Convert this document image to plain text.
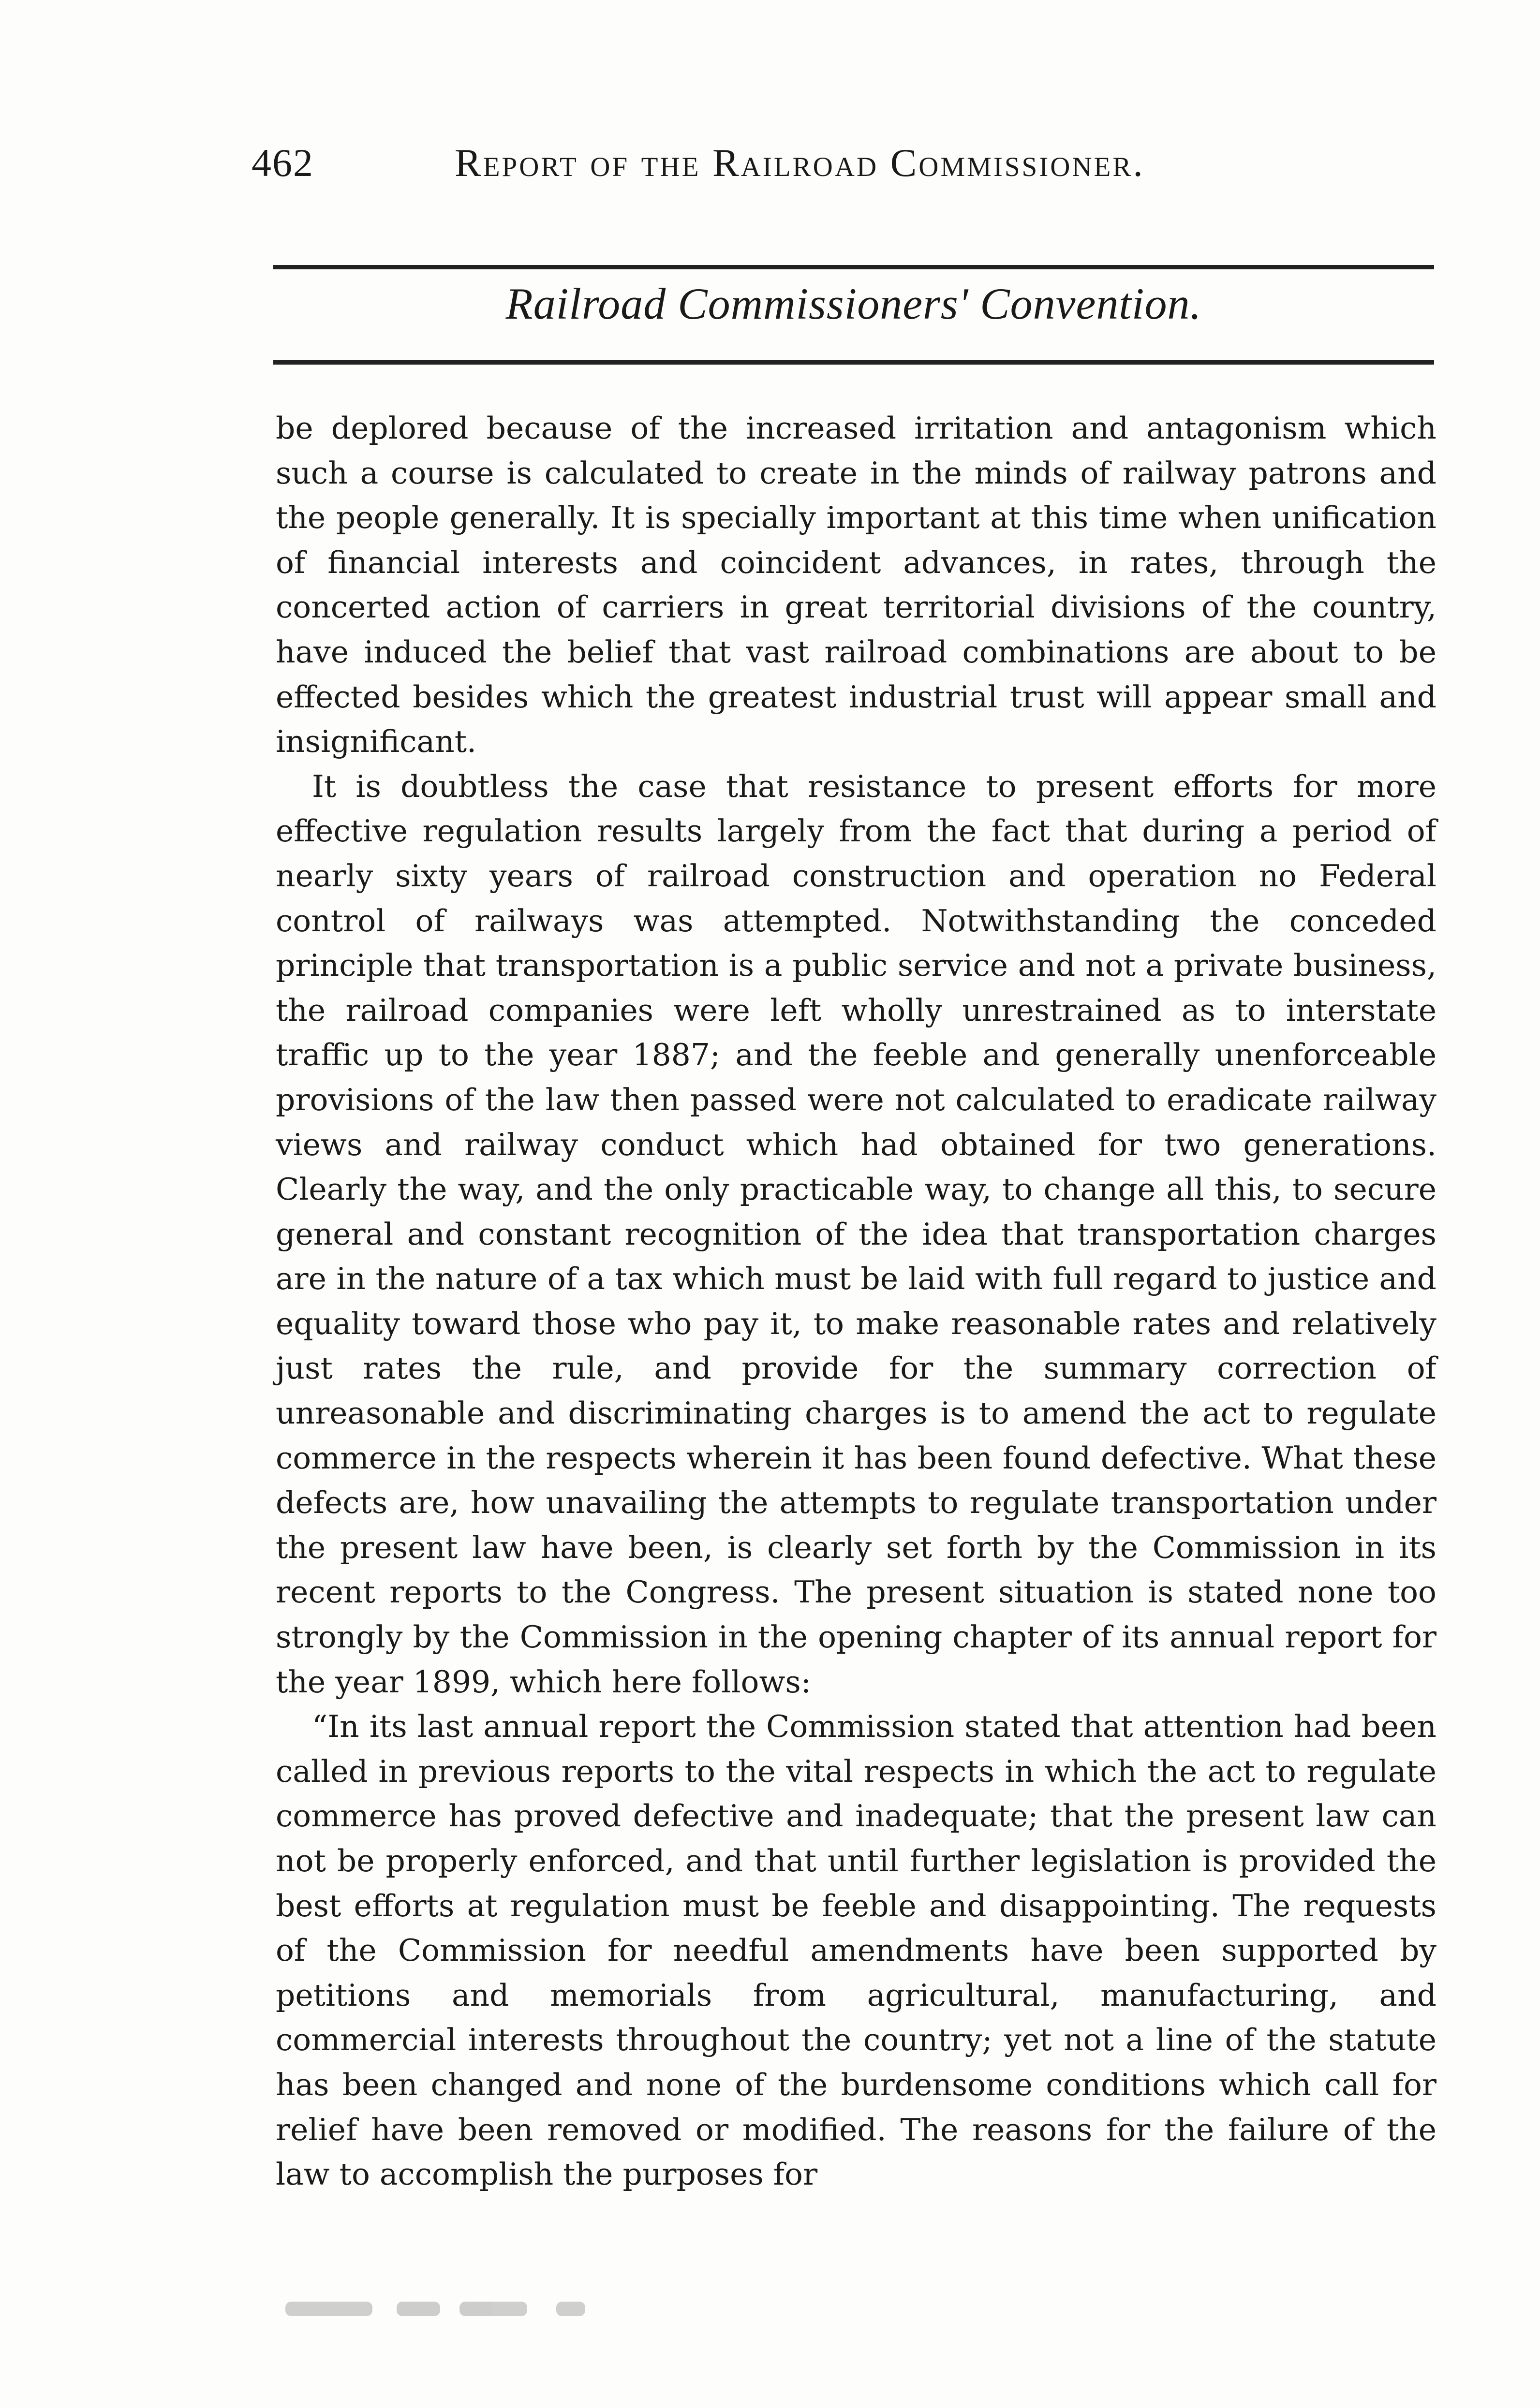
462	Report of the Railroad Commissioner.
Railroad Commissioners' Convention.

be deplored because of the increased irritation and antagonism which such a course is calculated to create in the minds of railway patrons and the people generally. It is specially important at this time when unification of financial interests and coincident advances, in rates, through the concerted action of carriers in great territorial divisions of the country, have induced the belief that vast railroad combinations are about to be effected besides which the greatest industrial trust will appear small and insignificant.

It is doubtless the case that resistance to present efforts for more effective regulation results largely from the fact that during a period of nearly sixty years of railroad construction and operation no Federal control of railways was attempted. Notwithstanding the conceded principle that transportation is a public service and not a private business, the railroad companies were left wholly unrestrained as to interstate traffic up to the year 1887; and the feeble and generally unenforceable provisions of the law then passed were not calculated to eradicate railway views and railway conduct which had obtained for two generations. Clearly the way, and the only practicable way, to change all this, to secure general and constant recognition of the idea that transportation charges are in the nature of a tax which must be laid with full regard to justice and equality toward those who pay it, to make reasonable rates and relatively just rates the rule, and provide for the summary correction of unreasonable and discriminating charges is to amend the act to regulate commerce in the respects wherein it has been found defective. What these defects are, how unavailing the attempts to regulate transportation under the present law have been, is clearly set forth by the Commission in its recent reports to the Congress. The present situation is stated none too strongly by the Commission in the opening chapter of its annual report for the year 1899, which here follows:

“In its last annual report the Commission stated that attention had been called in previous reports to the vital respects in which the act to regulate commerce has proved defective and inadequate; that the present law can not be properly enforced, and that until further legislation is provided the best efforts at regulation must be feeble and disappointing. The requests of the Commission for needful amendments have been supported by petitions and memorials from agricultural, manufacturing, and commercial interests throughout the country; yet not a line of the statute has been changed and none of the burdensome conditions which call for relief have been removed or modified. The reasons for the failure of the law to accomplish the purposes for
